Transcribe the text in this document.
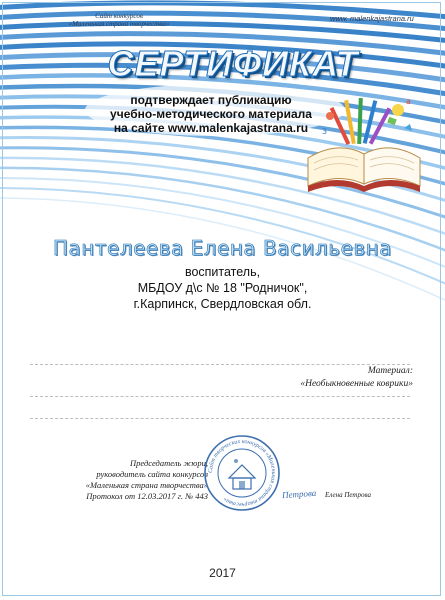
Сайт конкурсов
«Маленькая страна творчества»
www. malenkajastrana.ru
СЕРТИФИКАТ
подтверждает публикацию
учебно-методического материала
на сайте www.malenkajastrana.ru
a
3
Пантелеева Елена Васильевна
воспитатель,
МБДОУ д\с № 18 "Родничок",
г.Карпинск, Свердловская обл.
Материал:
«Необыкновенные коврики»
Председатель жюри,
руководитель сайта конкурсов
«Маленькая страна творчества»
Протокол от 12.03.2017 г. № 443
Сайт творческих конкурсов «Маленькая страна творчества»	Петрова Елена Петрова
2017
